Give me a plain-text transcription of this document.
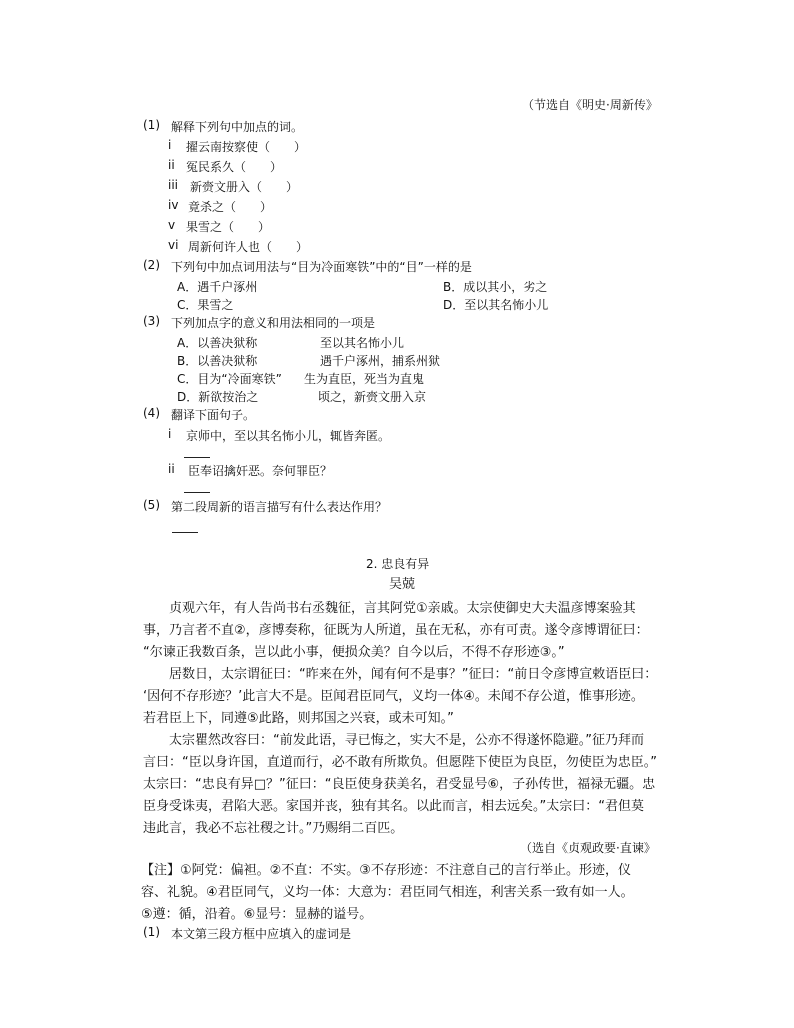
（节选自《明史·周新传》
(1) 解释下列句中加点的词。
i 擢云南按察使（　　）
ii 冤民系久（　　）
iii 新赍文册入（　　）
iv 竟杀之（　　）
v 果雪之（　　）
vi 周新何许人也（　　）
(2) 下列句中加点词用法与“目为冷面寒铁”中的“目”一样的是
A．遇千户涿州	B．成以其小，劣之
C．果雪之	D．至以其名怖小儿
(3) 下列加点字的意义和用法相同的一项是
A．以善决狱称	至以其名怖小儿
B．以善决狱称	遇千户涿州，捕系州狱
C．目为“冷面寒铁” 生为直臣，死当为直鬼
D．新欲按治之	顷之，新赍文册入京
(4) 翻译下面句子。
i 京师中，至以其名怖小儿，辄皆奔匿。
ii 臣奉诏擒奸恶。奈何罪臣？
(5) 第二段周新的语言描写有什么表达作用？
2. 忠良有异
吴兢
　　贞观六年，有人告尚书右丞魏征，言其阿党①亲戚。太宗使御史大夫温彦博案验其
事，乃言者不直②，彦博奏称，征既为人所道，虽在无私，亦有可责。遂令彦博谓征曰：
“尔谏正我数百条，岂以此小事，便损众美？自今以后，不得不存形迹③。”
　　居数日，太宗谓征曰：“昨来在外，闻有何不是事？”征曰：“前日令彦博宣敕语臣曰：
‘因何不存形迹？’此言大不是。臣闻君臣同气，义均一体④。未闻不存公道，惟事形迹。
若君臣上下，同遵⑤此路，则邦国之兴衰，或未可知。”
　　太宗瞿然改容曰：“前发此语，寻已悔之，实大不是，公亦不得遂怀隐避。”征乃拜而
言曰：“臣以身许国，直道而行，必不敢有所欺负。但愿陛下使臣为良臣，勿使臣为忠臣。”
太宗曰：“忠良有异□？”征曰：“良臣使身获美名，君受显号⑥，子孙传世，福禄无疆。忠
臣身受诛夷，君陷大恶。家国并丧，独有其名。以此而言，相去远矣。”太宗曰：“君但莫
违此言，我必不忘社稷之计。”乃赐绢二百匹。
（选自《贞观政要·直谏》
【注】①阿党：偏袒。②不直：不实。③不存形迹：不注意自己的言行举止。形迹，仪
容、礼貌。④君臣同气，义均一体：大意为：君臣同气相连，利害关系一致有如一人。
⑤遵：循，沿着。⑥显号：显赫的谥号。
(1) 本文第三段方框中应填入的虚词是
